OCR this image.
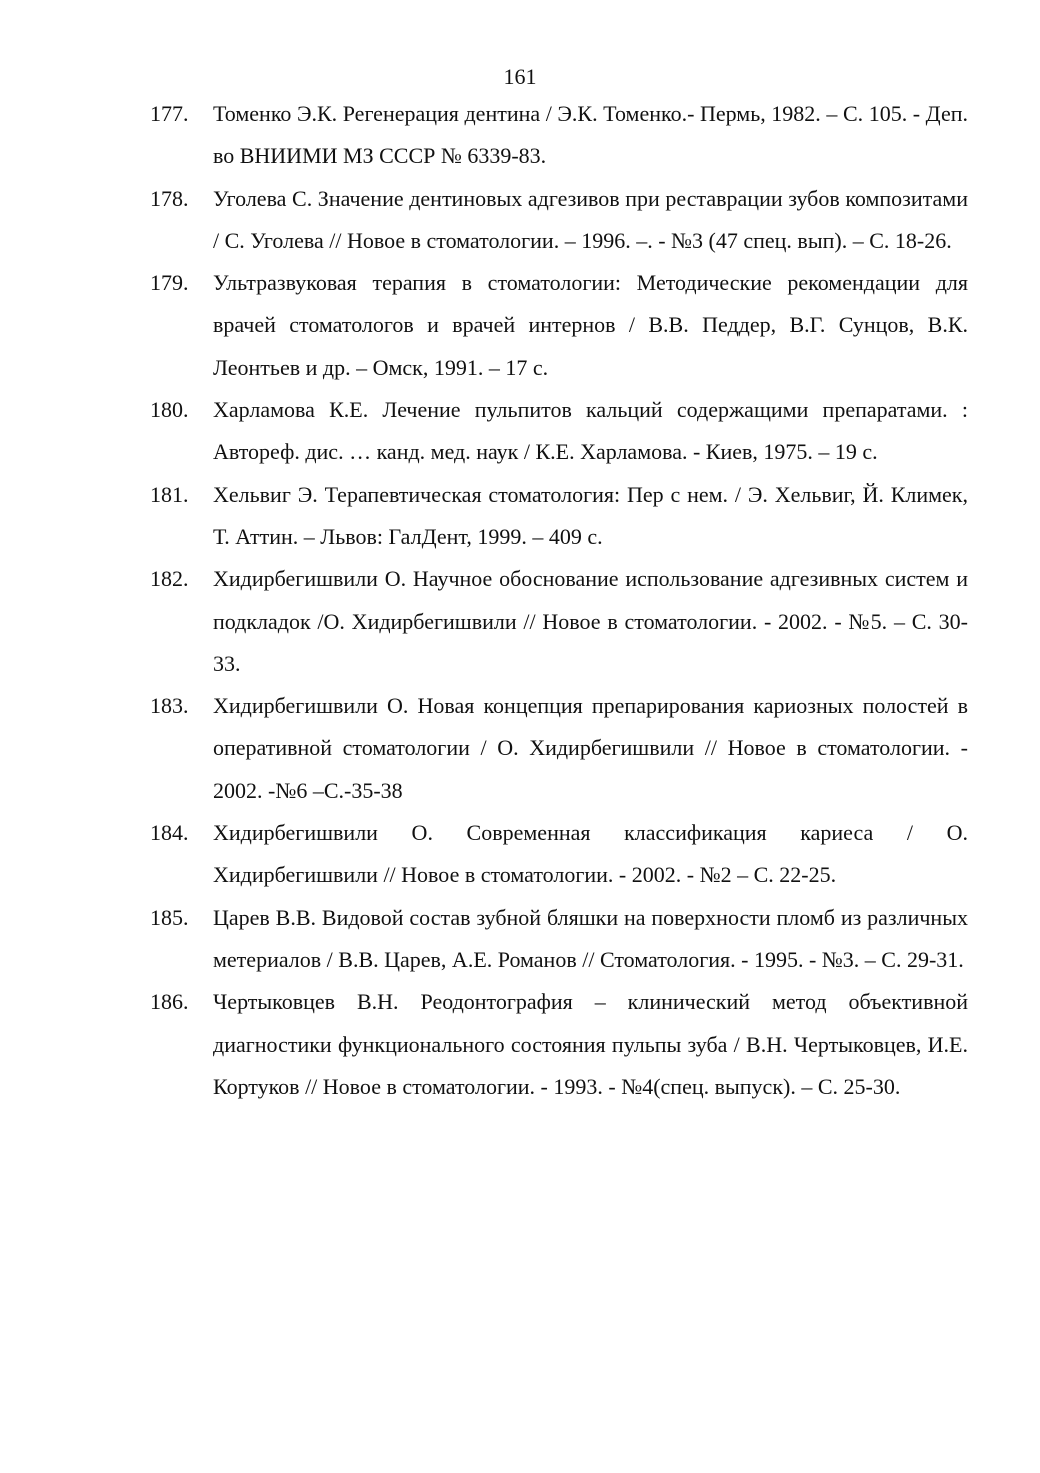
161
177.	Томенко Э.К. Регенерация дентина / Э.К. Томенко.- Пермь, 1982. – С. 105. - Деп. во ВНИИМИ МЗ СССР № 6339-83.
178.	Уголева С. Значение дентиновых адгезивов при реставрации зубов композитами / С. Уголева // Новое в стоматологии. – 1996. –. - №3 (47 спец. вып). – С. 18-26.
179.	Ультразвуковая терапия в стоматологии: Методические рекомендации для врачей стоматологов и врачей интернов / В.В. Педдер, В.Г. Сунцов, В.К. Леонтьев и др. – Омск, 1991. – 17 с.
180.	Харламова К.Е. Лечение пульпитов кальций содержащими препаратами. : Автореф. дис. … канд. мед. наук / К.Е. Харламова. - Киев, 1975. – 19 с.
181.	Хельвиг Э. Терапевтическая стоматология: Пер с нем. / Э. Хельвиг, Й. Климек, Т. Аттин. – Львов: ГалДент, 1999. – 409 с.
182.	Хидирбегишвили О. Научное обоснование использование адгезивных систем и подкладок /О. Хидирбегишвили // Новое в стоматологии. - 2002. - №5. – С. 30-33.
183.	Хидирбегишвили О. Новая концепция препарирования кариозных полостей в оперативной стоматологии / О. Хидирбегишвили // Новое в стоматологии. - 2002. -№6 –С.-35-38
184.	Хидирбегишвили О. Современная классификация кариеса / О. Хидирбегишвили // Новое в стоматологии. - 2002. - №2 – С. 22-25.
185.	Царев В.В. Видовой состав зубной бляшки на поверхности пломб из различных метериалов / В.В. Царев, А.Е. Романов // Стоматология. - 1995. - №3. – С. 29-31.
186.	Чертыковцев В.Н. Реодонтография – клинический метод объективной диагностики функционального состояния пульпы зуба / В.Н. Чертыковцев, И.Е. Кортуков // Новое в стоматологии. - 1993. - №4(спец. выпуск). – С. 25-30.
